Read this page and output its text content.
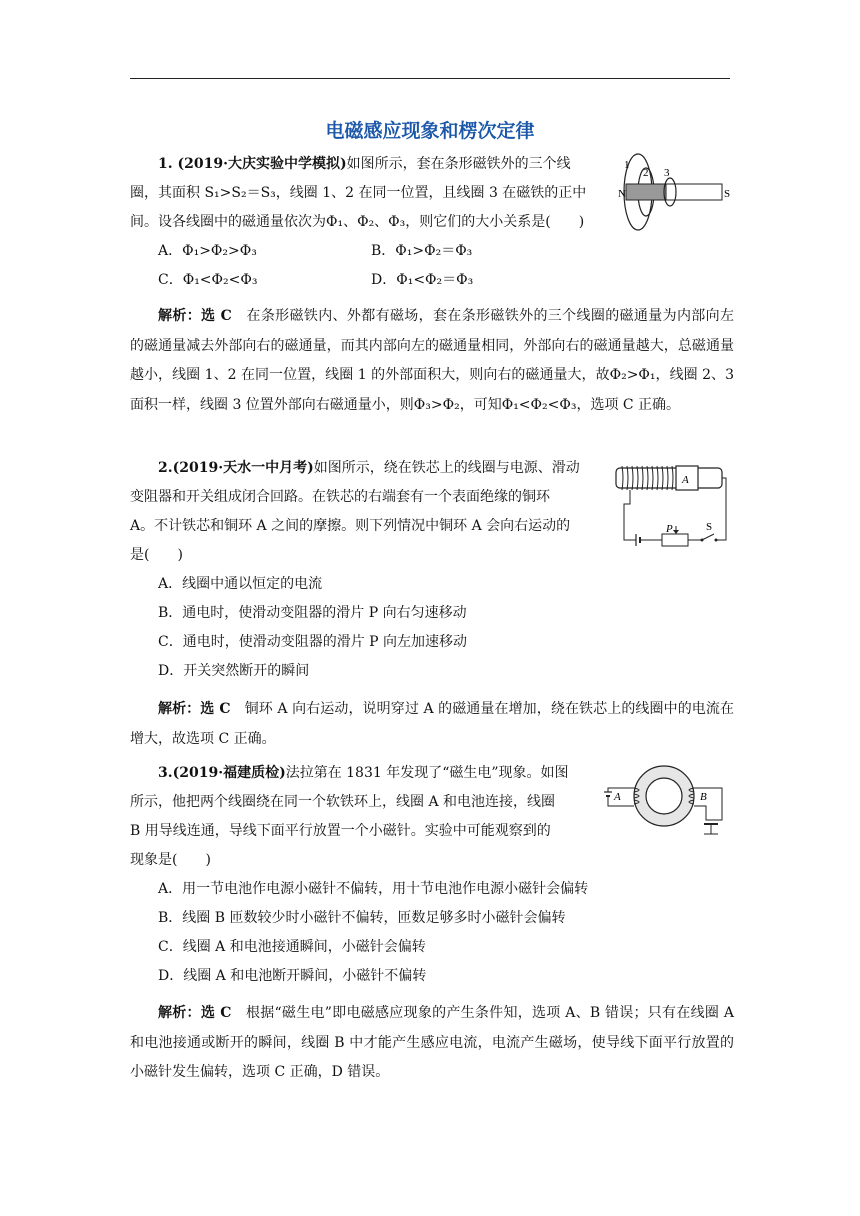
电磁感应现象和楞次定律

1. (2019·大庆实验中学模拟)如图所示，套在条形磁铁外的三个线

圈，其面积 S₁>S₂＝S₃，线圈 1、2 在同一位置，且线圈 3 在磁铁的正中

间。设各线圈中的磁通量依次为Φ₁、Φ₂、Φ₃，则它们的大小关系是(　　)

A．Φ₁>Φ₂>Φ₃	B．Φ₁>Φ₂＝Φ₃
C．Φ₁<Φ₂<Φ₃	D．Φ₁<Φ₂＝Φ₃
N	S
1
2 3
解析：选 C　在条形磁铁内、外都有磁场，套在条形磁铁外的三个线圈的磁通量为内部向左的磁通量减去外部向右的磁通量，而其内部向左的磁通量相同，外部向右的磁通量越大，总磁通量越小，线圈 1、2 在同一位置，线圈 1 的外部面积大，则向右的磁通量大，故Φ₂>Φ₁，线圈 2、3 面积一样，线圈 3 位置外部向右磁通量小，则Φ₃>Φ₂，可知Φ₁<Φ₂<Φ₃，选项 C 正确。

2.(2019·天水一中月考)如图所示，绕在铁芯上的线圈与电源、滑动

变阻器和开关组成闭合回路。在铁芯的右端套有一个表面绝缘的铜环

A。不计铁芯和铜环 A 之间的摩擦。则下列情况中铜环 A 会向右运动的

是(　　)

A．线圈中通以恒定的电流

B．通电时，使滑动变阻器的滑片 P 向右匀速移动

C．通电时，使滑动变阻器的滑片 P 向左加速移动

D．开关突然断开的瞬间

A
P	S
解析：选 C　铜环 A 向右运动，说明穿过 A 的磁通量在增加，绕在铁芯上的线圈中的电流在增大，故选项 C 正确。

3.(2019·福建质检)法拉第在 1831 年发现了“磁生电”现象。如图

所示，他把两个线圈绕在同一个软铁环上，线圈 A 和电池连接，线圈

B 用导线连通，导线下面平行放置一个小磁针。实验中可能观察到的

现象是(　　)

A．用一节电池作电源小磁针不偏转，用十节电池作电源小磁针会偏转

B．线圈 B 匝数较少时小磁针不偏转，匝数足够多时小磁针会偏转

C．线圈 A 和电池接通瞬间，小磁针会偏转

D．线圈 A 和电池断开瞬间，小磁针不偏转

A	B
解析：选 C　根据“磁生电”即电磁感应现象的产生条件知，选项 A、B 错误；只有在线圈 A 和电池接通或断开的瞬间，线圈 B 中才能产生感应电流，电流产生磁场，使导线下面平行放置的小磁针发生偏转，选项 C 正确，D 错误。
